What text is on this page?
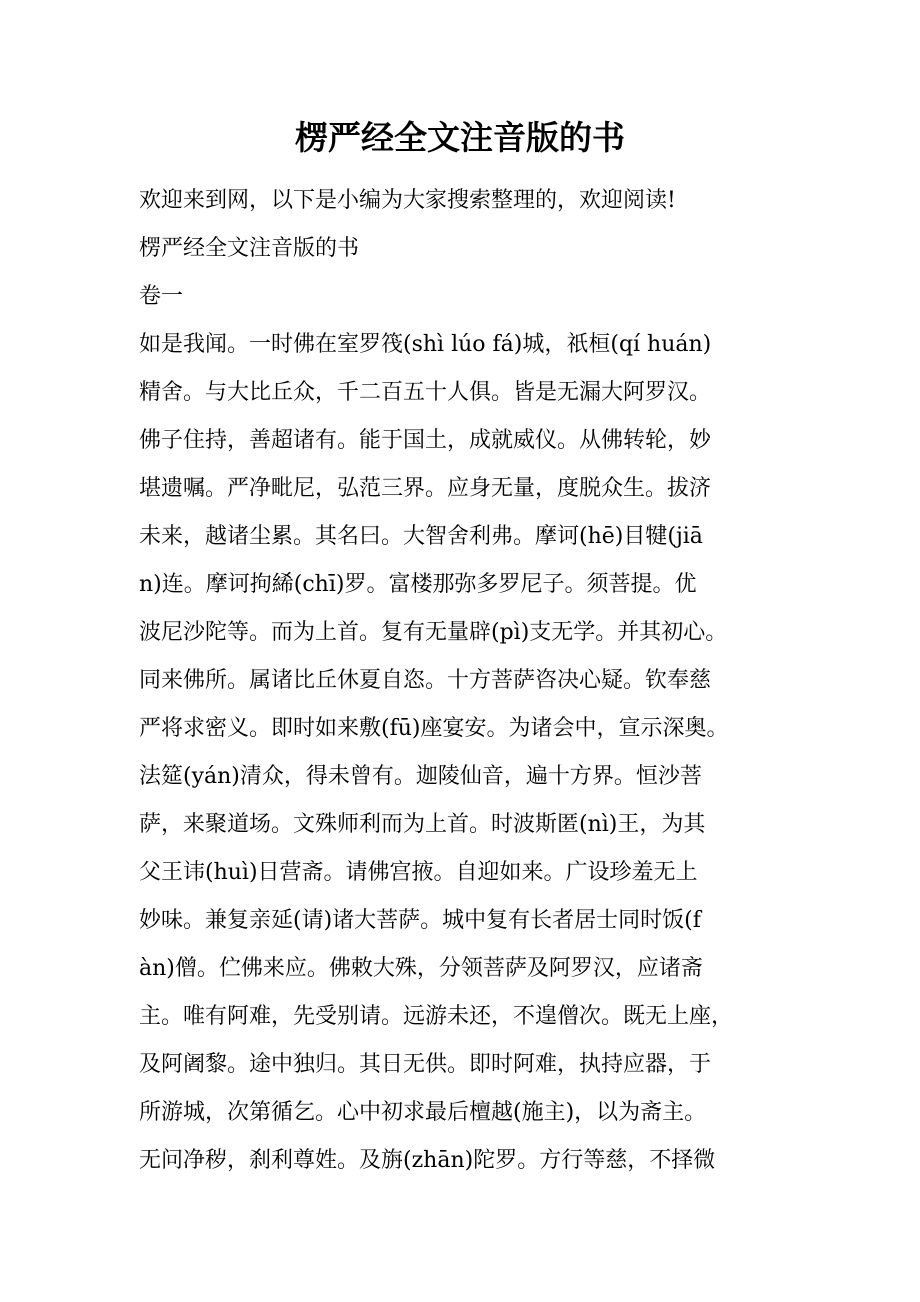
楞严经全文注音版的书
欢迎来到网，以下是小编为大家搜索整理的，欢迎阅读!
楞严经全文注音版的书
卷一
如是我闻。一时佛在室罗筏(shì lúo fá)城，祇桓(qí huán)
精舍。与大比丘众，千二百五十人俱。皆是无漏大阿罗汉。
佛子住持，善超诸有。能于国土，成就威仪。从佛转轮，妙
堪遗嘱。严净毗尼，弘范三界。应身无量，度脱众生。拔济
未来，越诸尘累。其名曰。大智舍利弗。摩诃(hē)目犍(jiā
n)连。摩诃拘絺(chī)罗。富楼那弥多罗尼子。须菩提。优
波尼沙陀等。而为上首。复有无量辟(pì)支无学。并其初心。
同来佛所。属诸比丘休夏自恣。十方菩萨咨决心疑。钦奉慈
严将求密义。即时如来敷(fū)座宴安。为诸会中，宣示深奥。
法筵(yán)清众，得未曾有。迦陵仙音，遍十方界。恒沙菩
萨，来聚道场。文殊师利而为上首。时波斯匿(nì)王，为其
父王讳(huì)日营斋。请佛宫掖。自迎如来。广设珍羞无上
妙味。兼复亲延(请)诸大菩萨。城中复有长者居士同时饭(f
àn)僧。伫佛来应。佛敕大殊，分领菩萨及阿罗汉，应诸斋
主。唯有阿难，先受别请。远游未还，不遑僧次。既无上座，
及阿阇黎。途中独归。其日无供。即时阿难，执持应器，于
所游城，次第循乞。心中初求最后檀越(施主)，以为斋主。
无问净秽，刹利尊姓。及旃(zhān)陀罗。方行等慈，不择微
